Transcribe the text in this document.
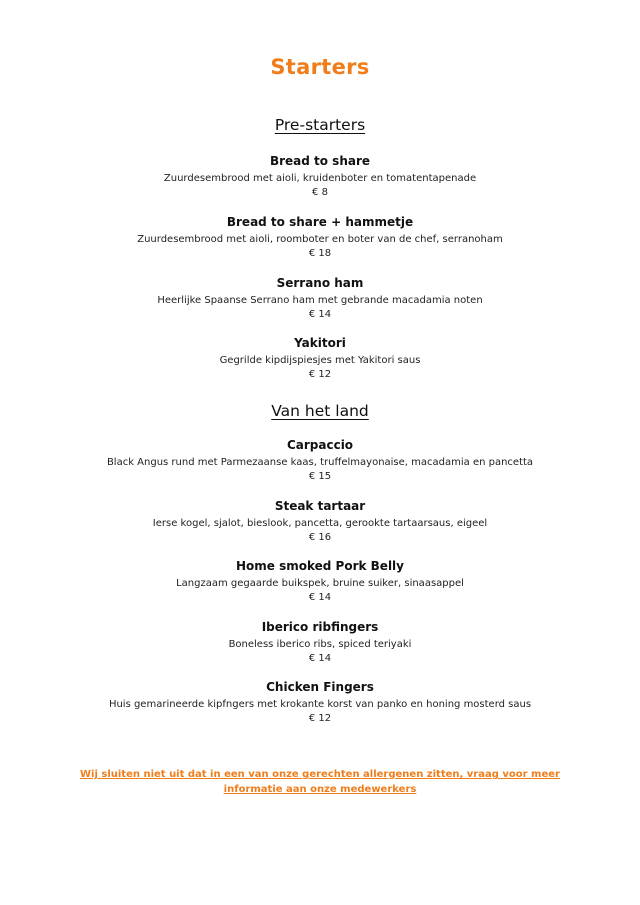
Starters
Pre-starters
Bread to share
Zuurdesembrood met aioli, kruidenboter en tomatentapenade
€ 8
Bread to share + hammetje
Zuurdesembrood met aioli, roomboter en boter van de chef, serranoham
€ 18
Serrano ham
Heerlijke Spaanse Serrano ham met gebrande macadamia noten
€ 14
Yakitori
Gegrilde kipdijspiesjes met Yakitori saus
€ 12
Van het land
Carpaccio
Black Angus rund met Parmezaanse kaas, truffelmayonaise, macadamia en pancetta
€ 15
Steak tartaar
Ierse kogel, sjalot, bieslook, pancetta, gerookte tartaarsaus, eigeel
€ 16
Home smoked Pork Belly
Langzaam gegaarde buikspek, bruine suiker, sinaasappel
€ 14
Iberico ribfingers
Boneless iberico ribs, spiced teriyaki
€ 14
Chicken Fingers
Huis gemarineerde kipfngers met krokante korst van panko en honing mosterd saus
€ 12
Wij sluiten niet uit dat in een van onze gerechten allergenen zitten, vraag voor meer informatie aan onze medewerkers
